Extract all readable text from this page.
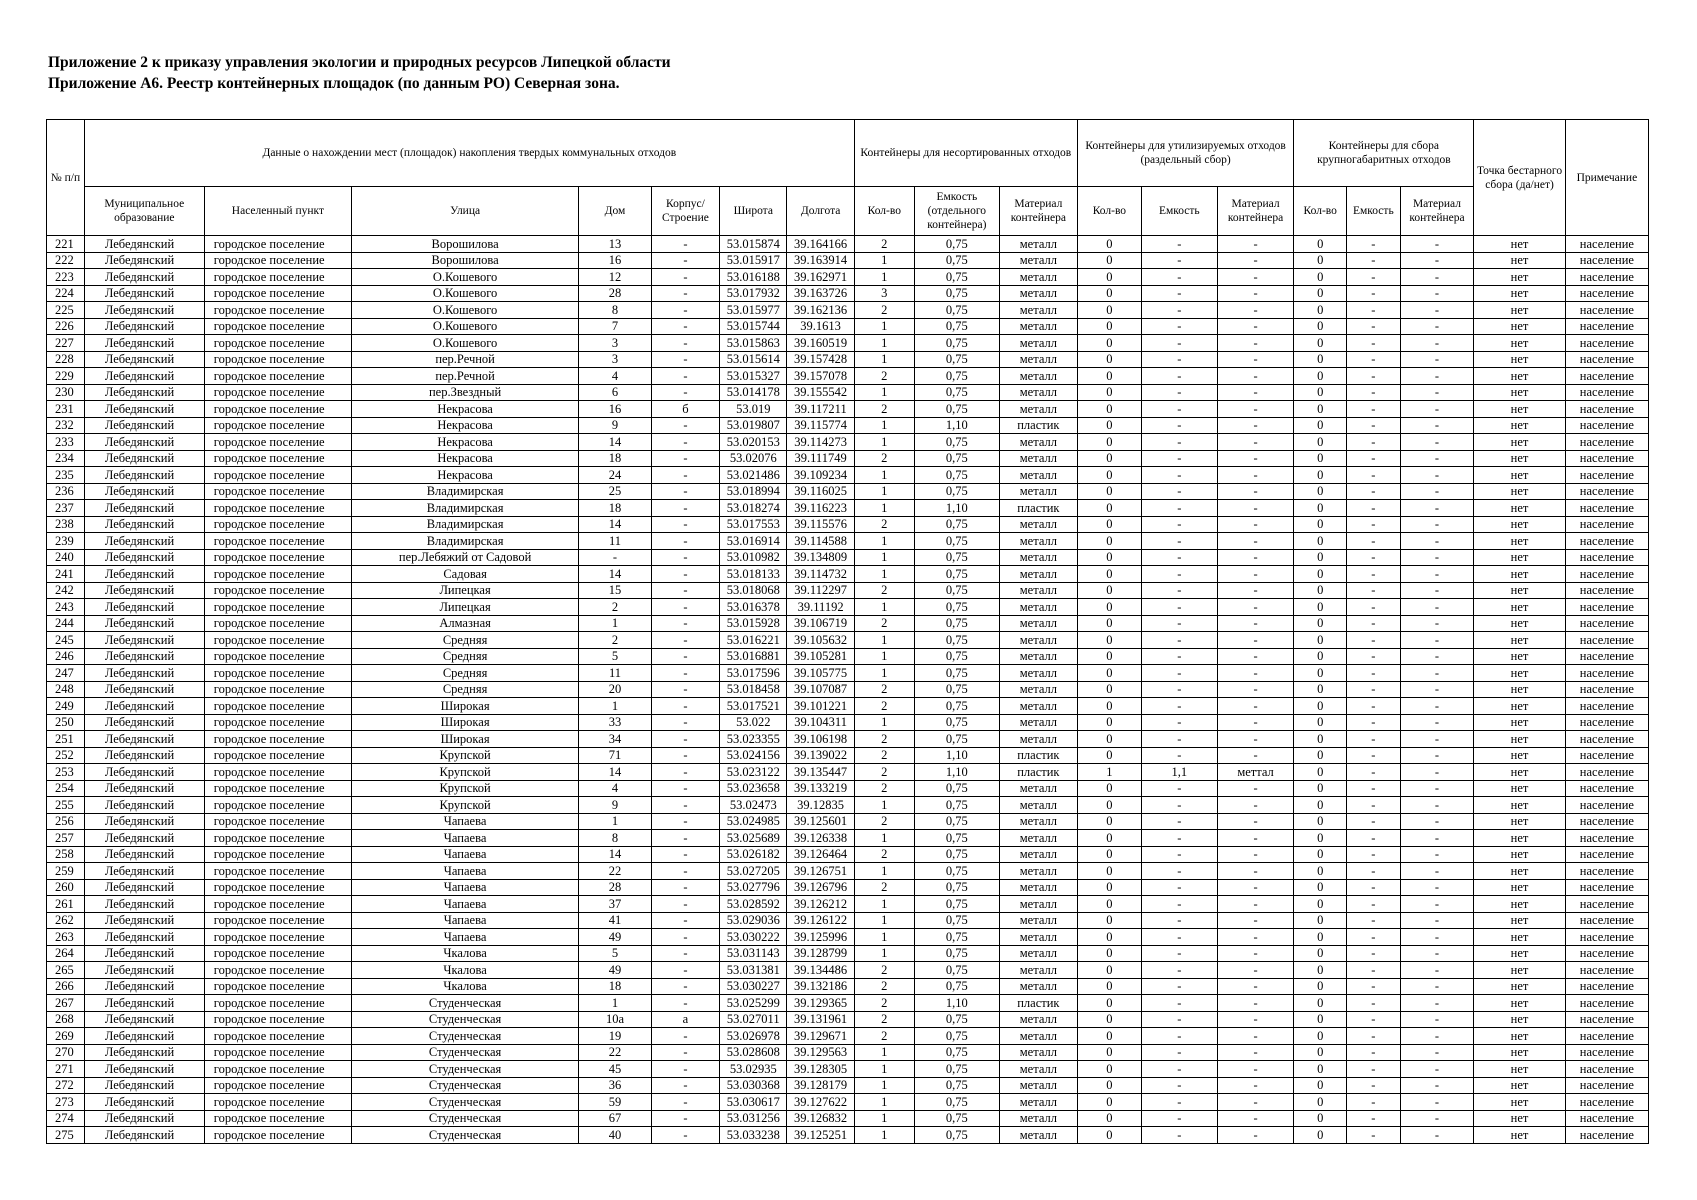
Приложение 2 к приказу управления экологии и природных ресурсов Липецкой области
Приложение А6. Реестр контейнерных площадок (по данным РО) Северная зона.
№ п/п	Данные о нахождении мест (площадок) накопления твердых коммунальных отходов							Контейнеры для несортированных отходов			Контейнеры для утилизируемых отходов (раздельный сбор)			Контейнеры для сбора крупногабаритных отходов			Точка бестарного сбора (да/нет)	Примечание
	Муниципальное образование	Населенный пункт	Улица	Дом	Корпус/ Строение	Широта	Долгота	Кол-во	Емкость (отдельного контейнера)	Материал контейнера	Кол-во	Емкость	Материал контейнера	Кол-во	Емкость	Материал контейнера		
221	Лебедянский	городское поселение	Ворошилова	13	-	53.015874	39.164166	2	0,75	металл	0	-	-	0	-	-	нет	население
222	Лебедянский	городское поселение	Ворошилова	16	-	53.015917	39.163914	1	0,75	металл	0	-	-	0	-	-	нет	население
223	Лебедянский	городское поселение	О.Кошевого	12	-	53.016188	39.162971	1	0,75	металл	0	-	-	0	-	-	нет	население
224	Лебедянский	городское поселение	О.Кошевого	28	-	53.017932	39.163726	3	0,75	металл	0	-	-	0	-	-	нет	население
225	Лебедянский	городское поселение	О.Кошевого	8	-	53.015977	39.162136	2	0,75	металл	0	-	-	0	-	-	нет	население
226	Лебедянский	городское поселение	О.Кошевого	7	-	53.015744	39.1613	1	0,75	металл	0	-	-	0	-	-	нет	население
227	Лебедянский	городское поселение	О.Кошевого	3	-	53.015863	39.160519	1	0,75	металл	0	-	-	0	-	-	нет	население
228	Лебедянский	городское поселение	пер.Речной	3	-	53.015614	39.157428	1	0,75	металл	0	-	-	0	-	-	нет	население
229	Лебедянский	городское поселение	пер.Речной	4	-	53.015327	39.157078	2	0,75	металл	0	-	-	0	-	-	нет	население
230	Лебедянский	городское поселение	пер.Звездный	6	-	53.014178	39.155542	1	0,75	металл	0	-	-	0	-	-	нет	население
231	Лебедянский	городское поселение	Некрасова	16	б	53.019	39.117211	2	0,75	металл	0	-	-	0	-	-	нет	население
232	Лебедянский	городское поселение	Некрасова	9	-	53.019807	39.115774	1	1,10	пластик	0	-	-	0	-	-	нет	население
233	Лебедянский	городское поселение	Некрасова	14	-	53.020153	39.114273	1	0,75	металл	0	-	-	0	-	-	нет	население
234	Лебедянский	городское поселение	Некрасова	18	-	53.02076	39.111749	2	0,75	металл	0	-	-	0	-	-	нет	население
235	Лебедянский	городское поселение	Некрасова	24	-	53.021486	39.109234	1	0,75	металл	0	-	-	0	-	-	нет	население
236	Лебедянский	городское поселение	Владимирская	25	-	53.018994	39.116025	1	0,75	металл	0	-	-	0	-	-	нет	население
237	Лебедянский	городское поселение	Владимирская	18	-	53.018274	39.116223	1	1,10	пластик	0	-	-	0	-	-	нет	население
238	Лебедянский	городское поселение	Владимирская	14	-	53.017553	39.115576	2	0,75	металл	0	-	-	0	-	-	нет	население
239	Лебедянский	городское поселение	Владимирская	11	-	53.016914	39.114588	1	0,75	металл	0	-	-	0	-	-	нет	население
240	Лебедянский	городское поселение	пер.Лебяжий от Садовой	-	-	53.010982	39.134809	1	0,75	металл	0	-	-	0	-	-	нет	население
241	Лебедянский	городское поселение	Садовая	14	-	53.018133	39.114732	1	0,75	металл	0	-	-	0	-	-	нет	население
242	Лебедянский	городское поселение	Липецкая	15	-	53.018068	39.112297	2	0,75	металл	0	-	-	0	-	-	нет	население
243	Лебедянский	городское поселение	Липецкая	2	-	53.016378	39.11192	1	0,75	металл	0	-	-	0	-	-	нет	население
244	Лебедянский	городское поселение	Алмазная	1	-	53.015928	39.106719	2	0,75	металл	0	-	-	0	-	-	нет	население
245	Лебедянский	городское поселение	Средняя	2	-	53.016221	39.105632	1	0,75	металл	0	-	-	0	-	-	нет	население
246	Лебедянский	городское поселение	Средняя	5	-	53.016881	39.105281	1	0,75	металл	0	-	-	0	-	-	нет	население
247	Лебедянский	городское поселение	Средняя	11	-	53.017596	39.105775	1	0,75	металл	0	-	-	0	-	-	нет	население
248	Лебедянский	городское поселение	Средняя	20	-	53.018458	39.107087	2	0,75	металл	0	-	-	0	-	-	нет	население
249	Лебедянский	городское поселение	Широкая	1	-	53.017521	39.101221	2	0,75	металл	0	-	-	0	-	-	нет	население
250	Лебедянский	городское поселение	Широкая	33	-	53.022	39.104311	1	0,75	металл	0	-	-	0	-	-	нет	население
251	Лебедянский	городское поселение	Широкая	34	-	53.023355	39.106198	2	0,75	металл	0	-	-	0	-	-	нет	население
252	Лебедянский	городское поселение	Крупской	71	-	53.024156	39.139022	2	1,10	пластик	0	-	-	0	-	-	нет	население
253	Лебедянский	городское поселение	Крупской	14	-	53.023122	39.135447	2	1,10	пластик	1	1,1	меттал	0	-	-	нет	население
254	Лебедянский	городское поселение	Крупской	4	-	53.023658	39.133219	2	0,75	металл	0	-	-	0	-	-	нет	население
255	Лебедянский	городское поселение	Крупской	9	-	53.02473	39.12835	1	0,75	металл	0	-	-	0	-	-	нет	население
256	Лебедянский	городское поселение	Чапаева	1	-	53.024985	39.125601	2	0,75	металл	0	-	-	0	-	-	нет	население
257	Лебедянский	городское поселение	Чапаева	8	-	53.025689	39.126338	1	0,75	металл	0	-	-	0	-	-	нет	население
258	Лебедянский	городское поселение	Чапаева	14	-	53.026182	39.126464	2	0,75	металл	0	-	-	0	-	-	нет	население
259	Лебедянский	городское поселение	Чапаева	22	-	53.027205	39.126751	1	0,75	металл	0	-	-	0	-	-	нет	население
260	Лебедянский	городское поселение	Чапаева	28	-	53.027796	39.126796	2	0,75	металл	0	-	-	0	-	-	нет	население
261	Лебедянский	городское поселение	Чапаева	37	-	53.028592	39.126212	1	0,75	металл	0	-	-	0	-	-	нет	население
262	Лебедянский	городское поселение	Чапаева	41	-	53.029036	39.126122	1	0,75	металл	0	-	-	0	-	-	нет	население
263	Лебедянский	городское поселение	Чапаева	49	-	53.030222	39.125996	1	0,75	металл	0	-	-	0	-	-	нет	население
264	Лебедянский	городское поселение	Чкалова	5	-	53.031143	39.128799	1	0,75	металл	0	-	-	0	-	-	нет	население
265	Лебедянский	городское поселение	Чкалова	49	-	53.031381	39.134486	2	0,75	металл	0	-	-	0	-	-	нет	население
266	Лебедянский	городское поселение	Чкалова	18	-	53.030227	39.132186	2	0,75	металл	0	-	-	0	-	-	нет	население
267	Лебедянский	городское поселение	Студенческая	1	-	53.025299	39.129365	2	1,10	пластик	0	-	-	0	-	-	нет	население
268	Лебедянский	городское поселение	Студенческая	10а	а	53.027011	39.131961	2	0,75	металл	0	-	-	0	-	-	нет	население
269	Лебедянский	городское поселение	Студенческая	19	-	53.026978	39.129671	2	0,75	металл	0	-	-	0	-	-	нет	население
270	Лебедянский	городское поселение	Студенческая	22	-	53.028608	39.129563	1	0,75	металл	0	-	-	0	-	-	нет	население
271	Лебедянский	городское поселение	Студенческая	45	-	53.02935	39.128305	1	0,75	металл	0	-	-	0	-	-	нет	население
272	Лебедянский	городское поселение	Студенческая	36	-	53.030368	39.128179	1	0,75	металл	0	-	-	0	-	-	нет	население
273	Лебедянский	городское поселение	Студенческая	59	-	53.030617	39.127622	1	0,75	металл	0	-	-	0	-	-	нет	население
274	Лебедянский	городское поселение	Студенческая	67	-	53.031256	39.126832	1	0,75	металл	0	-	-	0	-	-	нет	население
275	Лебедянский	городское поселение	Студенческая	40	-	53.033238	39.125251	1	0,75	металл	0	-	-	0	-	-	нет	население
